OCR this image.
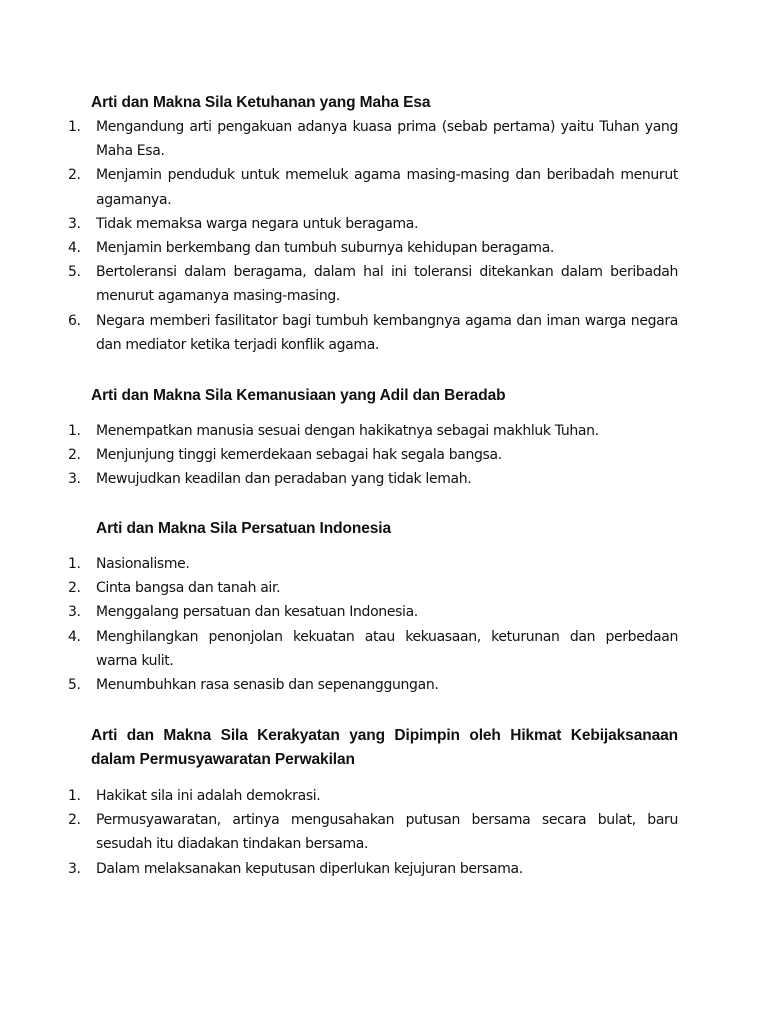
Arti dan Makna Sila Ketuhanan yang Maha Esa
1.	Mengandung arti pengakuan adanya kuasa prima (sebab pertama) yaitu Tuhan yang Maha Esa.
2.	Menjamin penduduk untuk memeluk agama masing-masing dan beribadah menurut agamanya.
3.	Tidak memaksa warga negara untuk beragama.
4.	Menjamin berkembang dan tumbuh suburnya kehidupan beragama.
5.	Bertoleransi dalam beragama, dalam hal ini toleransi ditekankan dalam beribadah menurut agamanya masing-masing.
6.	Negara memberi fasilitator bagi tumbuh kembangnya agama dan iman warga negara dan mediator ketika terjadi konflik agama.
Arti dan Makna Sila Kemanusiaan yang Adil dan Beradab
1.	Menempatkan manusia sesuai dengan hakikatnya sebagai makhluk Tuhan.
2.	Menjunjung tinggi kemerdekaan sebagai hak segala bangsa.
3.	Mewujudkan keadilan dan peradaban yang tidak lemah.
Arti dan Makna Sila Persatuan Indonesia
1.	Nasionalisme.
2.	Cinta bangsa dan tanah air.
3.	Menggalang persatuan dan kesatuan Indonesia.
4.	Menghilangkan penonjolan kekuatan atau kekuasaan, keturunan dan perbedaan warna kulit.
5.	Menumbuhkan rasa senasib dan sepenanggungan.
Arti dan Makna Sila Kerakyatan yang Dipimpin oleh Hikmat Kebijaksanaan dalam Permusyawaratan Perwakilan
1.	Hakikat sila ini adalah demokrasi.
2.	Permusyawaratan, artinya mengusahakan putusan bersama secara bulat, baru sesudah itu diadakan tindakan bersama.
3.	Dalam melaksanakan keputusan diperlukan kejujuran bersama.
